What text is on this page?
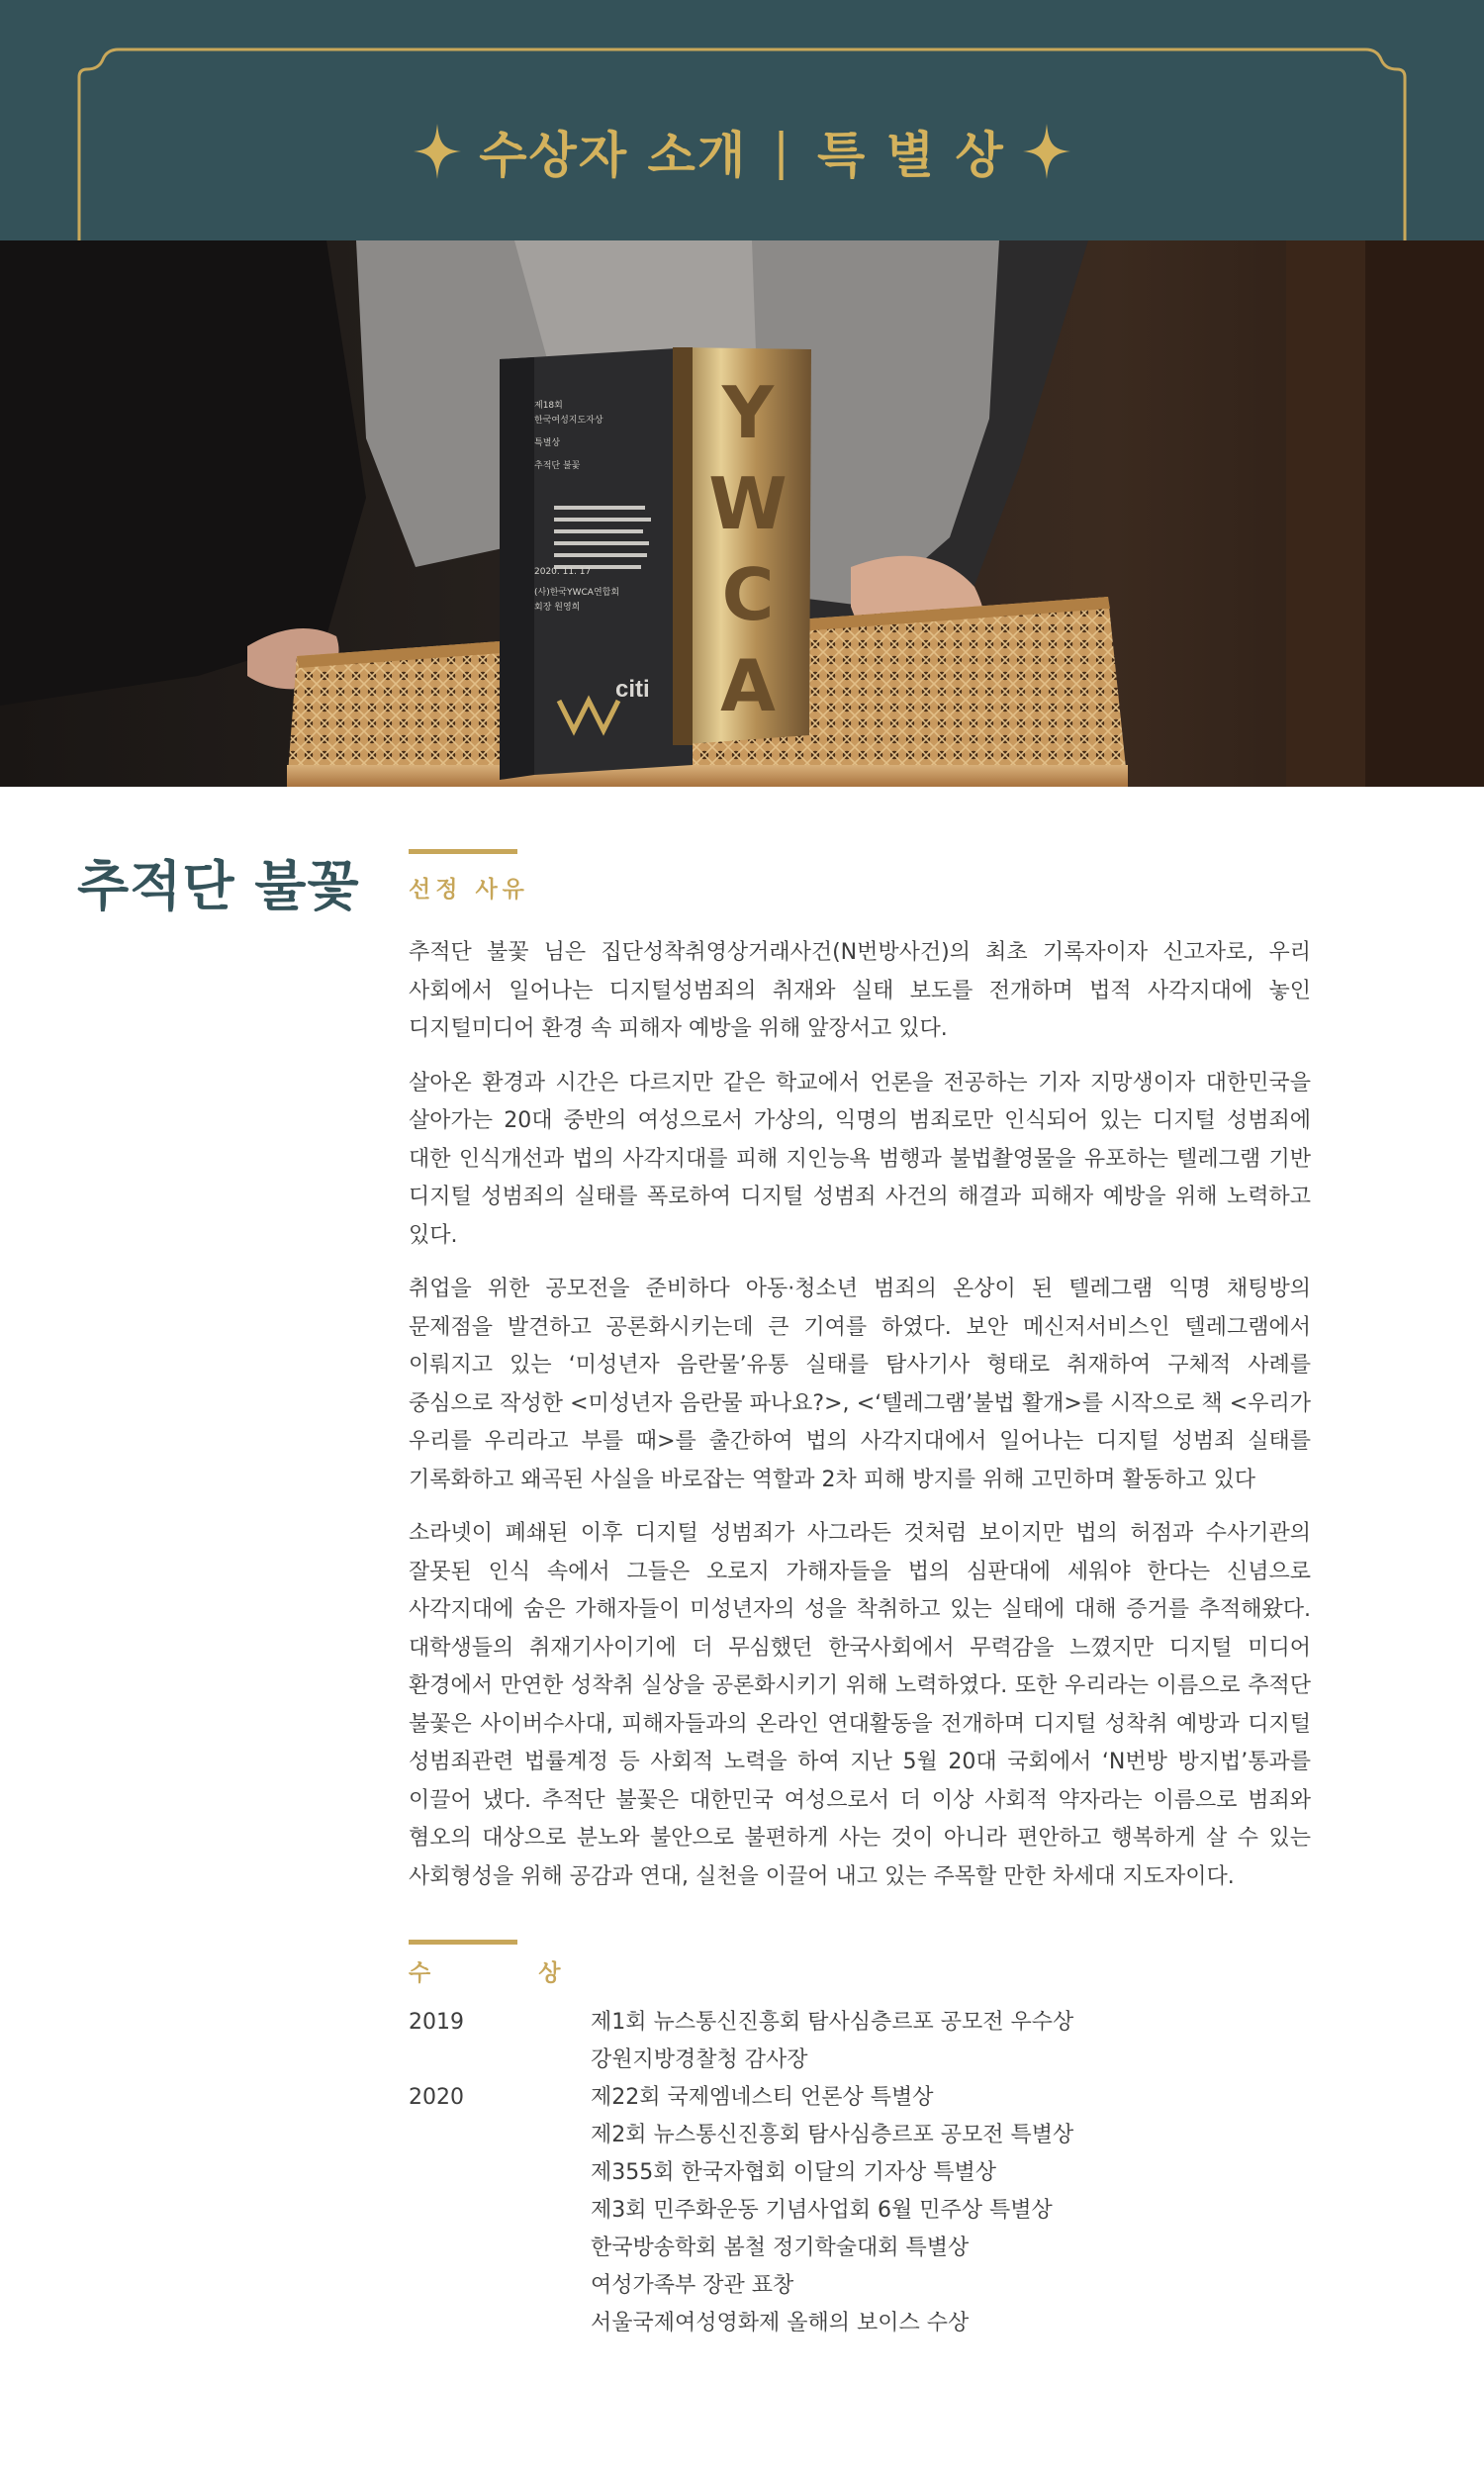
수상자 소개 | 특 별 상
제18회
한국여성지도자상
특별상
추적단 불꽃
2020. 11. 17
(사)한국YWCA연합회
회장 원영희
citi
Y
W
C
A
추적단 불꽃 선정 사유

추적단 불꽃 님은 집단성착취영상거래사건(N번방사건)의 최초 기록자이자 신고자로, 우리 사회에서 일어나는 디지털성범죄의 취재와 실태 보도를 전개하며 법적 사각지대에 놓인 디지털미디어 환경 속 피해자 예방을 위해 앞장서고 있다.

살아온 환경과 시간은 다르지만 같은 학교에서 언론을 전공하는 기자 지망생이자 대한민국을 살아가는 20대 중반의 여성으로서 가상의, 익명의 범죄로만 인식되어 있는 디지털 성범죄에 대한 인식개선과 법의 사각지대를 피해 지인능욕 범행과 불법촬영물을 유포하는 텔레그램 기반 디지털 성범죄의 실태를 폭로하여 디지털 성범죄 사건의 해결과 피해자 예방을 위해 노력하고 있다.

취업을 위한 공모전을 준비하다 아동·청소년 범죄의 온상이 된 텔레그램 익명 채팅방의 문제점을 발견하고 공론화시키는데 큰 기여를 하였다. 보안 메신저서비스인 텔레그램에서 이뤄지고 있는 ‘미성년자 음란물’유통 실태를 탐사기사 형태로 취재하여 구체적 사례를 중심으로 작성한 <미성년자 음란물 파나요?>, <‘텔레그램’불법 활개>를 시작으로 책 <우리가 우리를 우리라고 부를 때>를 출간하여 법의 사각지대에서 일어나는 디지털 성범죄 실태를 기록화하고 왜곡된 사실을 바로잡는 역할과 2차 피해 방지를 위해 고민하며 활동하고 있다

소라넷이 폐쇄된 이후 디지털 성범죄가 사그라든 것처럼 보이지만 법의 허점과 수사기관의 잘못된 인식 속에서 그들은 오로지 가해자들을 법의 심판대에 세워야 한다는 신념으로 사각지대에 숨은 가해자들이 미성년자의 성을 착취하고 있는 실태에 대해 증거를 추적해왔다. 대학생들의 취재기사이기에 더 무심했던 한국사회에서 무력감을 느꼈지만 디지털 미디어 환경에서 만연한 성착취 실상을 공론화시키기 위해 노력하였다. 또한 우리라는 이름으로 추적단 불꽃은 사이버수사대, 피해자들과의 온라인 연대활동을 전개하며 디지털 성착취 예방과 디지털 성범죄관련 법률계정 등 사회적 노력을 하여 지난 5월 20대 국회에서 ‘N번방 방지법’통과를 이끌어 냈다. 추적단 불꽃은 대한민국 여성으로서 더 이상 사회적 약자라는 이름으로 범죄와 혐오의 대상으로 분노와 불안으로 불편하게 사는 것이 아니라 편안하고 행복하게 살 수 있는 사회형성을 위해 공감과 연대, 실천을 이끌어 내고 있는 주목할 만한 차세대 지도자이다.

수        상
2019	제1회 뉴스통신진흥회 탐사심층르포 공모전 우수상
강원지방경찰청 감사장
2020	제22회 국제엠네스티 언론상 특별상
제2회 뉴스통신진흥회 탐사심층르포 공모전 특별상
제355회 한국자협회 이달의 기자상 특별상
제3회 민주화운동 기념사업회 6월 민주상 특별상
한국방송학회 봄철 정기학술대회 특별상
여성가족부 장관 표창
서울국제여성영화제 올해의 보이스 수상
